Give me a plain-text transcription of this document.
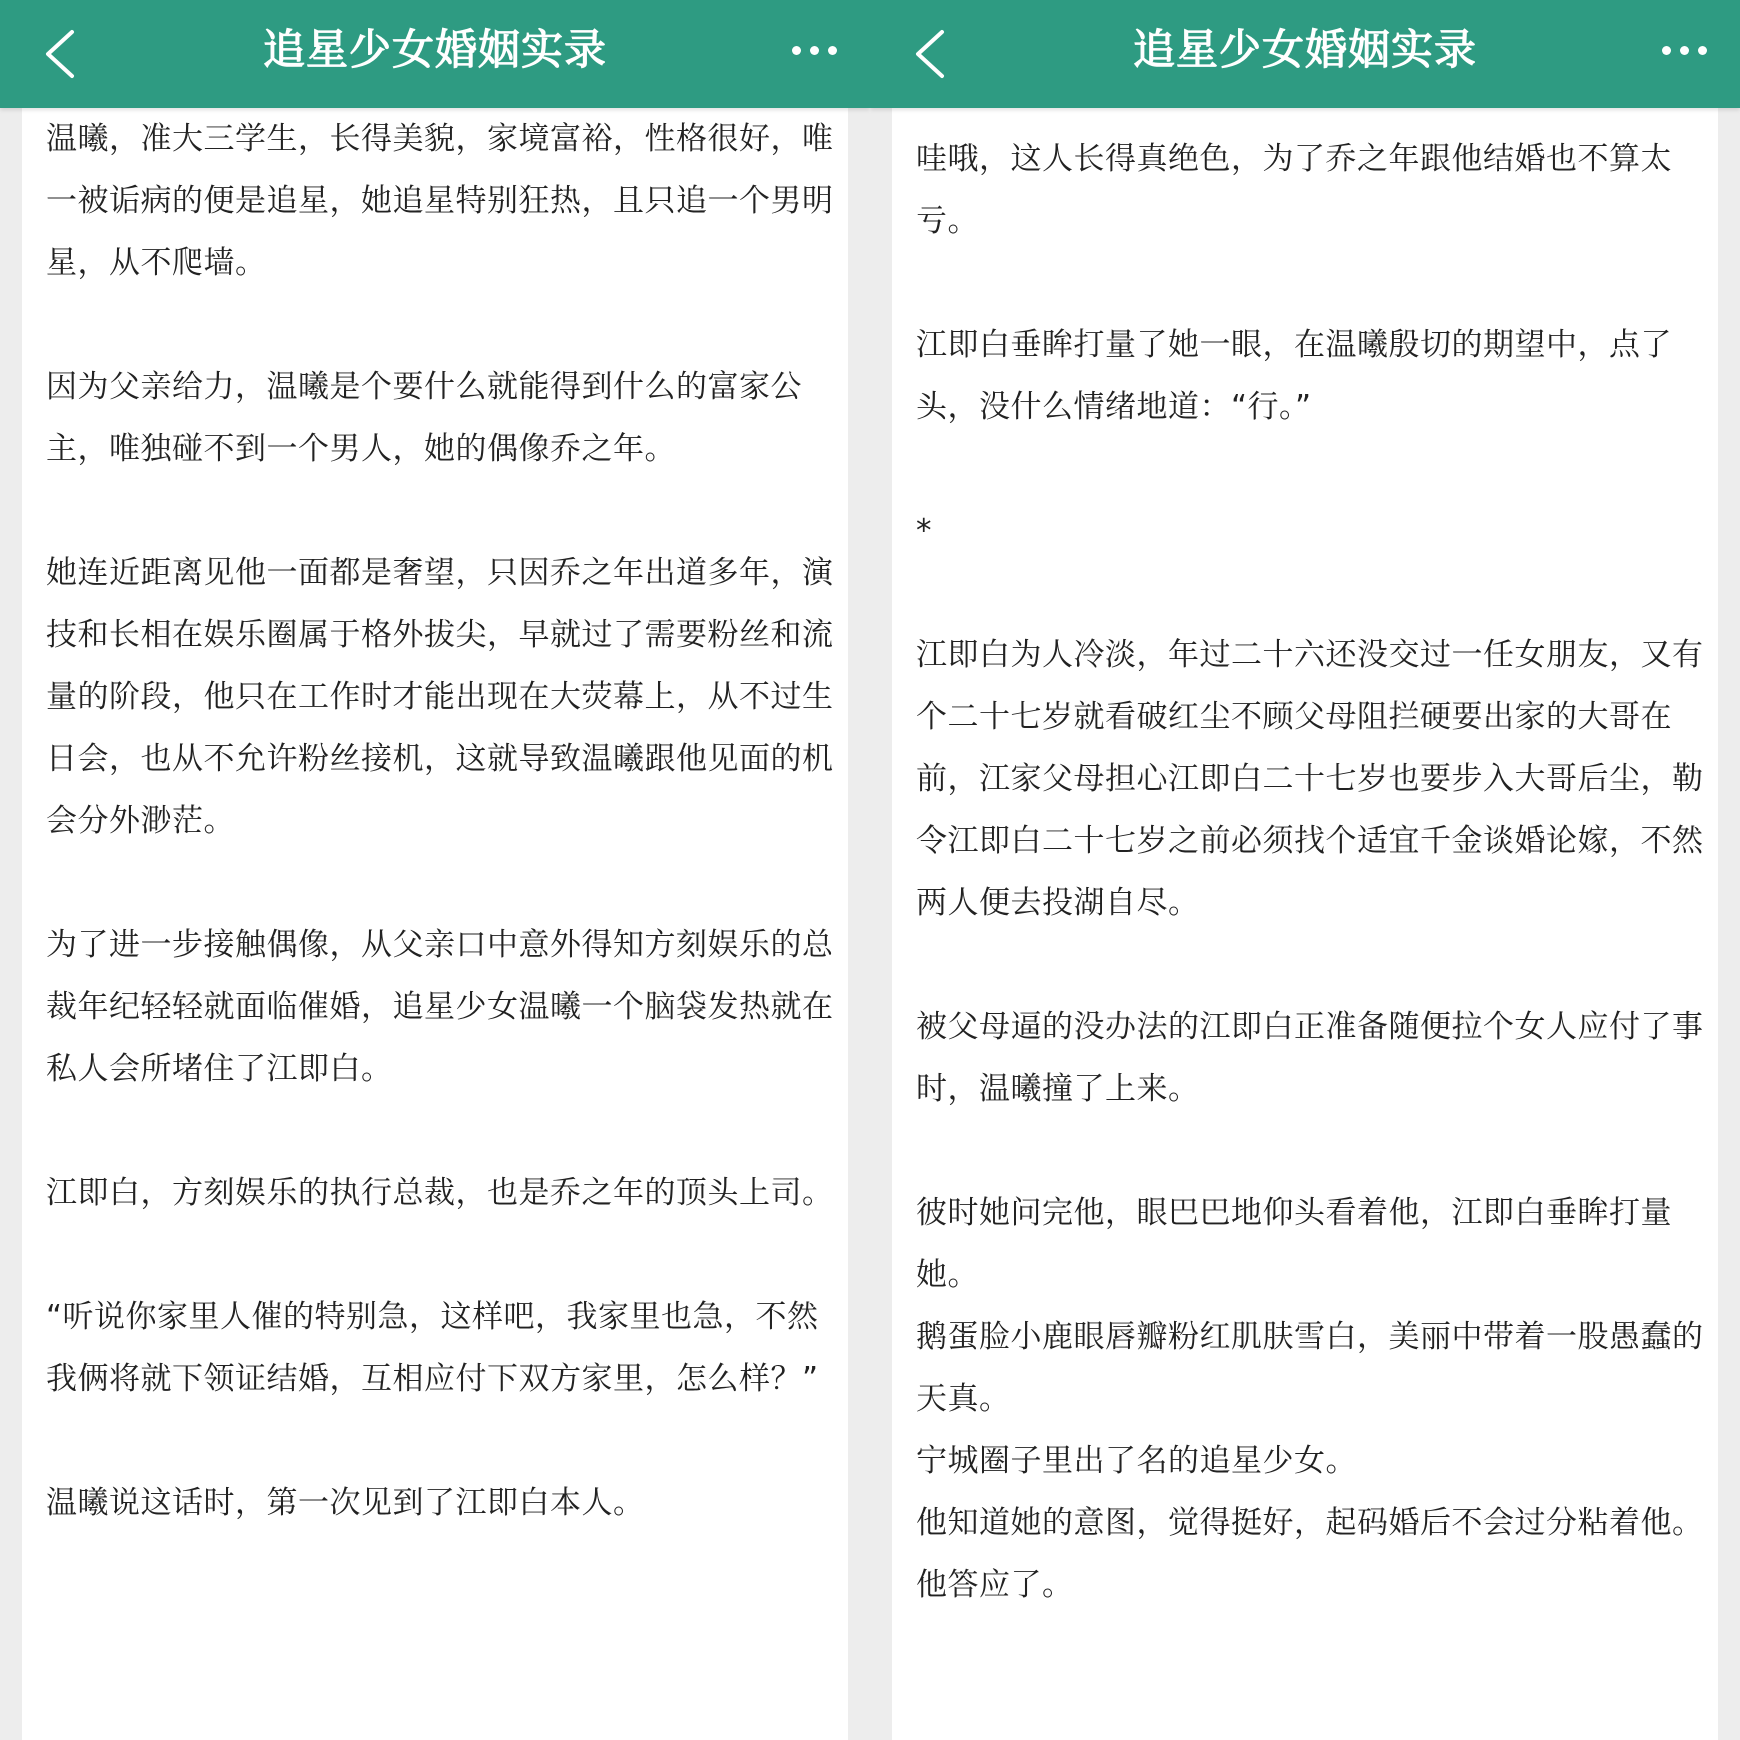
追星少女婚姻实录

温曦，准大三学生，长得美貌，家境富裕，性格很好，唯一被诟病的便是追星，她追星特别狂热，且只追一个男明星，从不爬墙。

因为父亲给力，温曦是个要什么就能得到什么的富家公主，唯独碰不到一个男人，她的偶像乔之年。

她连近距离见他一面都是奢望，只因乔之年出道多年，演技和长相在娱乐圈属于格外拔尖，早就过了需要粉丝和流量的阶段，他只在工作时才能出现在大荧幕上，从不过生日会，也从不允许粉丝接机，这就导致温曦跟他见面的机会分外渺茫。

为了进一步接触偶像，从父亲口中意外得知方刻娱乐的总裁年纪轻轻就面临催婚，追星少女温曦一个脑袋发热就在私人会所堵住了江即白。

江即白，方刻娱乐的执行总裁，也是乔之年的顶头上司。

“听说你家里人催的特别急，这样吧，我家里也急，不然我俩将就下领证结婚，互相应付下双方家里，怎么样？”

温曦说这话时，第一次见到了江即白本人。

追星少女婚姻实录

哇哦，这人长得真绝色，为了乔之年跟他结婚也不算太亏。

江即白垂眸打量了她一眼，在温曦殷切的期望中，点了头，没什么情绪地道：“行。”

*

江即白为人冷淡，年过二十六还没交过一任女朋友，又有个二十七岁就看破红尘不顾父母阻拦硬要出家的大哥在前，江家父母担心江即白二十七岁也要步入大哥后尘，勒令江即白二十七岁之前必须找个适宜千金谈婚论嫁，不然两人便去投湖自尽。

被父母逼的没办法的江即白正准备随便拉个女人应付了事时，温曦撞了上来。

彼时她问完他，眼巴巴地仰头看着他，江即白垂眸打量她。

鹅蛋脸小鹿眼唇瓣粉红肌肤雪白，美丽中带着一股愚蠢的天真。

宁城圈子里出了名的追星少女。

他知道她的意图，觉得挺好，起码婚后不会过分粘着他。

他答应了。
